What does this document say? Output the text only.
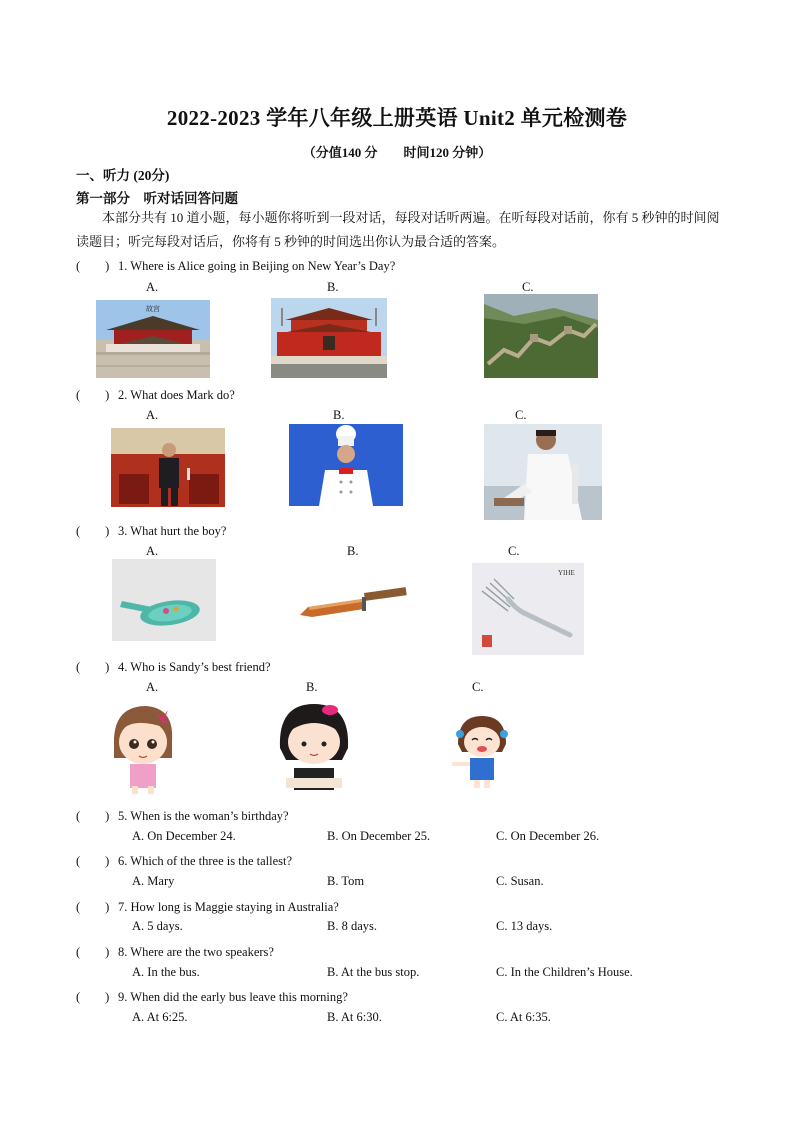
2022-2023 学年八年级上册英语 Unit2 单元检测卷
（分值140 分 时间120 分钟）
一、听力 (20分)
第一部分　听对话回答问题
本部分共有 10 道小题，每小题你将听到一段对话，每段对话听两遍。在听每段对话前，你有 5 秒钟的时间阅读题目；听完每段对话后，你将有 5 秒钟的时间选出你认为最合适的答案。
(　　) 1. Where is Alice going in Beijing on New Year’s Day?
A.	B.	C.
故宫
(　　) 2. What does Mark do?
A.	B.	C.
(　　) 3. What hurt the boy?
A.	B.	C.
YIHE
(　　) 4. Who is Sandy’s best friend?
A.	B.	C.
(　　) 5. When is the woman’s birthday?
A. On December 24.	B. On December 25.	C. On December 26.
(　　) 6. Which of the three is the tallest?
A. Mary	B. Tom	C. Susan.
(　　) 7. How long is Maggie staying in Australia?
A. 5 days.	B. 8 days.	C. 13 days.
(　　) 8. Where are the two speakers?
A. In the bus.	B. At the bus stop.	C. In the Children’s House.
(　　) 9. When did the early bus leave this morning?
A. At 6:25.	B. At 6:30.	C. At 6:35.
